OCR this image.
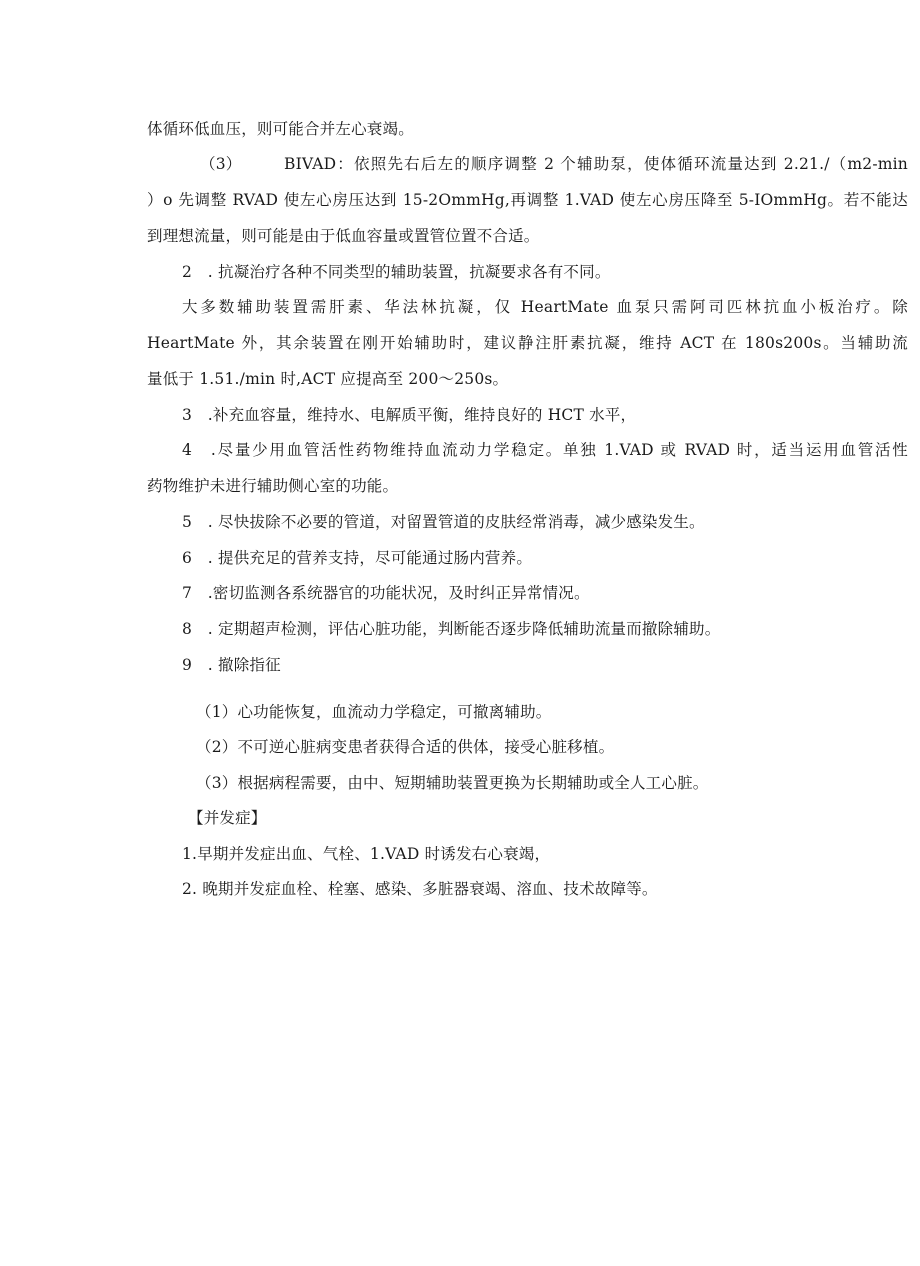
体循环低血压，则可能合并左心衰竭。
（3）	BIVAD：依照先右后左的顺序调整 2 个辅助泵，使体循环流量达到 2.21./（m2-min
）o 先调整 RVAD 使左心房压达到 15-2OmmHg,再调整 1.VAD 使左心房压降至 5-IOmmHg。若不能达
到理想流量，则可能是由于低血容量或置管位置不合适。
2　. 抗凝治疗各种不同类型的辅助装置，抗凝要求各有不同。
大多数辅助装置需肝素、华法林抗凝，仅 HeartMate 血泵只需阿司匹林抗血小板治疗。除
HeartMate 外，其余装置在刚开始辅助时，建议静注肝素抗凝，维持 ACT 在 180s200s。当辅助流
量低于 1.51./min 时,ACT 应提高至 200～250s。
3　.补充血容量，维持水、电解质平衡，维持良好的 HCT 水平，
4　.尽量少用血管活性药物维持血流动力学稳定。单独 1.VAD 或 RVAD 时，适当运用血管活性
药物维护未进行辅助侧心室的功能。
5　. 尽快拔除不必要的管道，对留置管道的皮肤经常消毒，减少感染发生。
6　. 提供充足的营养支持，尽可能通过肠内营养。
7　.密切监测各系统器官的功能状况，及时纠正异常情况。
8　. 定期超声检测，评估心脏功能，判断能否逐步降低辅助流量而撤除辅助。
9　. 撤除指征
（1）心功能恢复，血流动力学稳定，可撤离辅助。
（2）不可逆心脏病变患者获得合适的供体，接受心脏移植。
（3）根据病程需要，由中、短期辅助装置更换为长期辅助或全人工心脏。
【并发症】
1.早期并发症出血、气栓、1.VAD 时诱发右心衰竭，
2. 晚期并发症血栓、栓塞、感染、多脏器衰竭、溶血、技术故障等。
